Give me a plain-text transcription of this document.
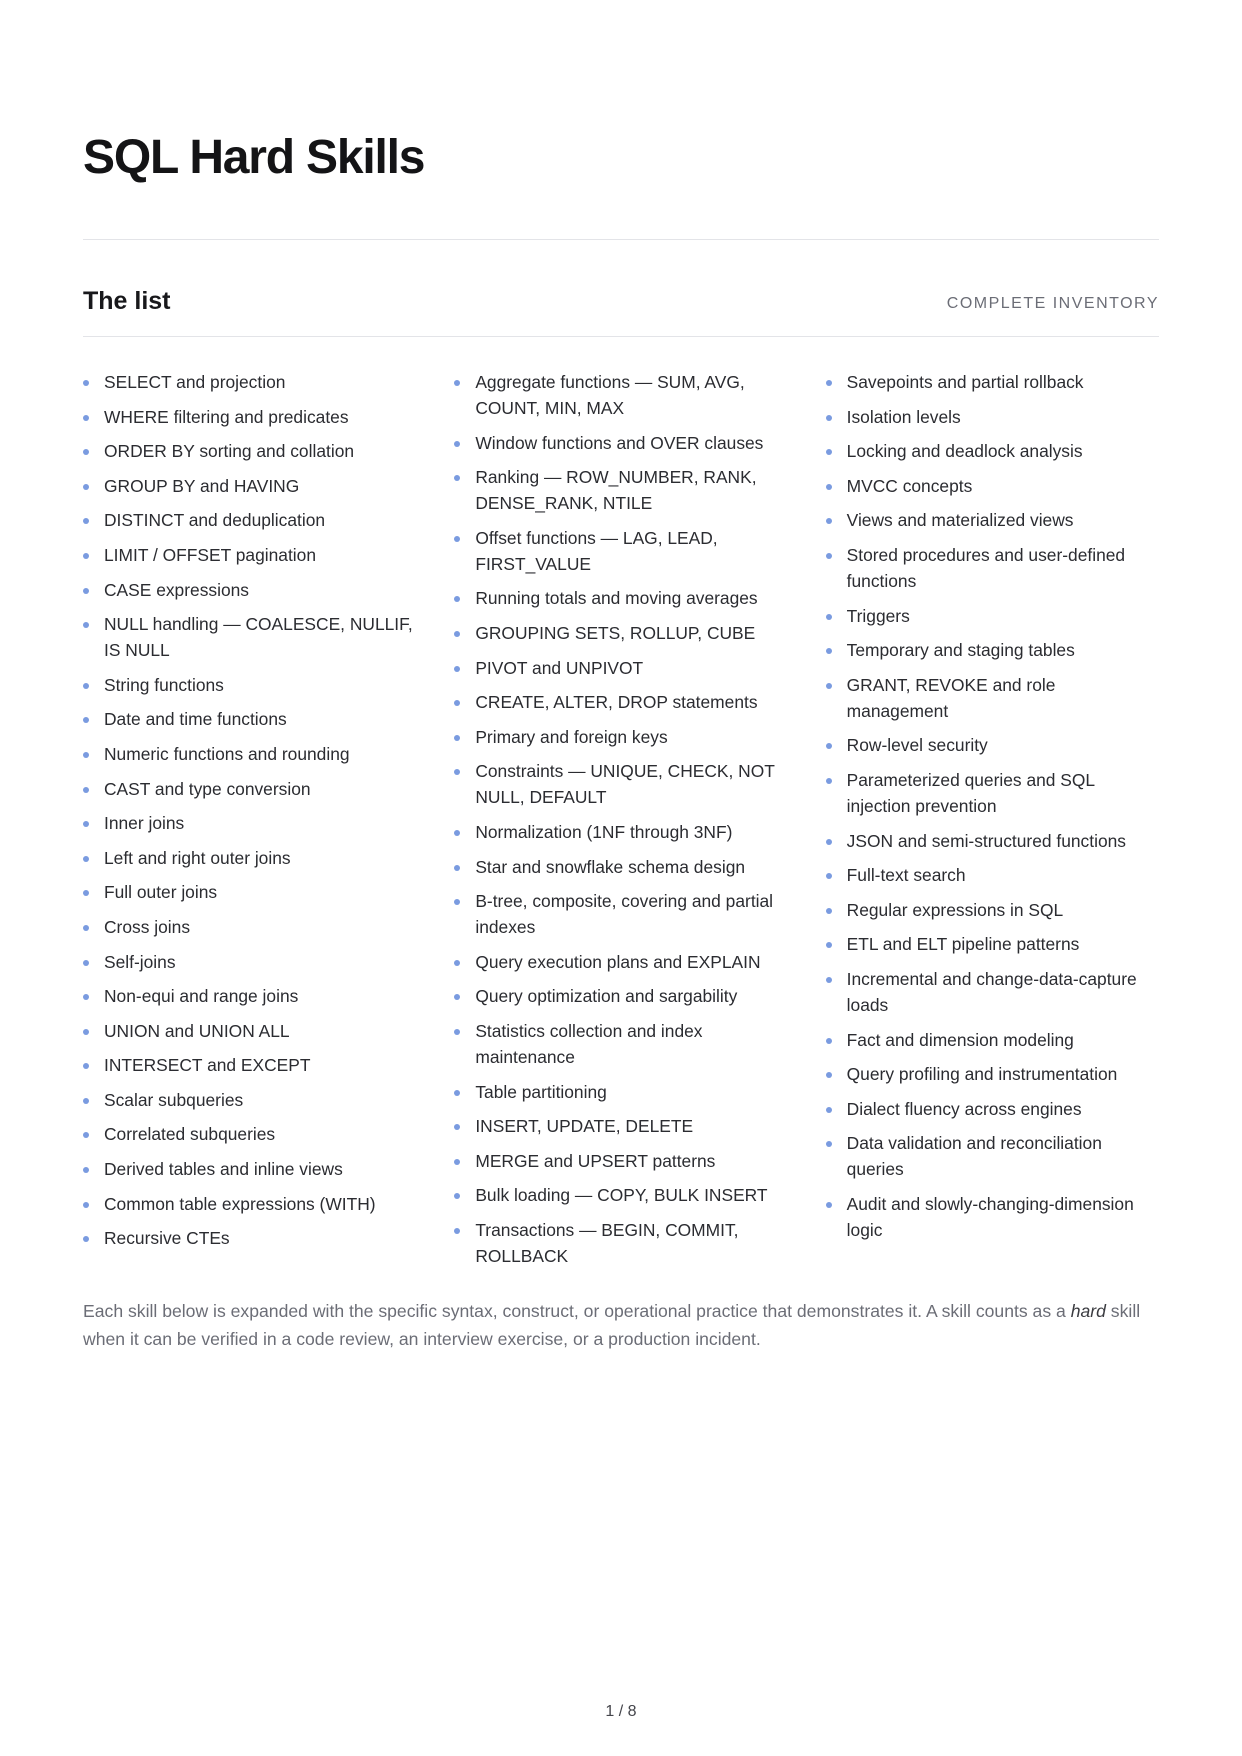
SQL Hard Skills
The list	COMPLETE INVENTORY
SELECT and projection
WHERE filtering and predicates
ORDER BY sorting and collation
GROUP BY and HAVING
DISTINCT and deduplication
LIMIT / OFFSET pagination
CASE expressions
NULL handling — COALESCE, NULLIF, IS NULL
String functions
Date and time functions
Numeric functions and rounding
CAST and type conversion
Inner joins
Left and right outer joins
Full outer joins
Cross joins
Self-joins
Non-equi and range joins
UNION and UNION ALL
INTERSECT and EXCEPT
Scalar subqueries
Correlated subqueries
Derived tables and inline views
Common table expressions (WITH)
Recursive CTEs
Aggregate functions — SUM, AVG, COUNT, MIN, MAX
Window functions and OVER clauses
Ranking — ROW_NUMBER, RANK, DENSE_RANK, NTILE
Offset functions — LAG, LEAD, FIRST_VALUE
Running totals and moving averages
GROUPING SETS, ROLLUP, CUBE
PIVOT and UNPIVOT
CREATE, ALTER, DROP statements
Primary and foreign keys
Constraints — UNIQUE, CHECK, NOT NULL, DEFAULT
Normalization (1NF through 3NF)
Star and snowflake schema design
B-tree, composite, covering and partial indexes
Query execution plans and EXPLAIN
Query optimization and sargability
Statistics collection and index maintenance
Table partitioning
INSERT, UPDATE, DELETE
MERGE and UPSERT patterns
Bulk loading — COPY, BULK INSERT
Transactions — BEGIN, COMMIT, ROLLBACK
Savepoints and partial rollback
Isolation levels
Locking and deadlock analysis
MVCC concepts
Views and materialized views
Stored procedures and user-defined functions
Triggers
Temporary and staging tables
GRANT, REVOKE and role management
Row-level security
Parameterized queries and SQL injection prevention
JSON and semi-structured functions
Full-text search
Regular expressions in SQL
ETL and ELT pipeline patterns
Incremental and change-data-capture loads
Fact and dimension modeling
Query profiling and instrumentation
Dialect fluency across engines
Data validation and reconciliation queries
Audit and slowly-changing-dimension logic

Each skill below is expanded with the specific syntax, construct, or operational practice that demonstrates it. A skill counts as a hard skill when it can be verified in a code review, an interview exercise, or a production incident.

1 / 8
